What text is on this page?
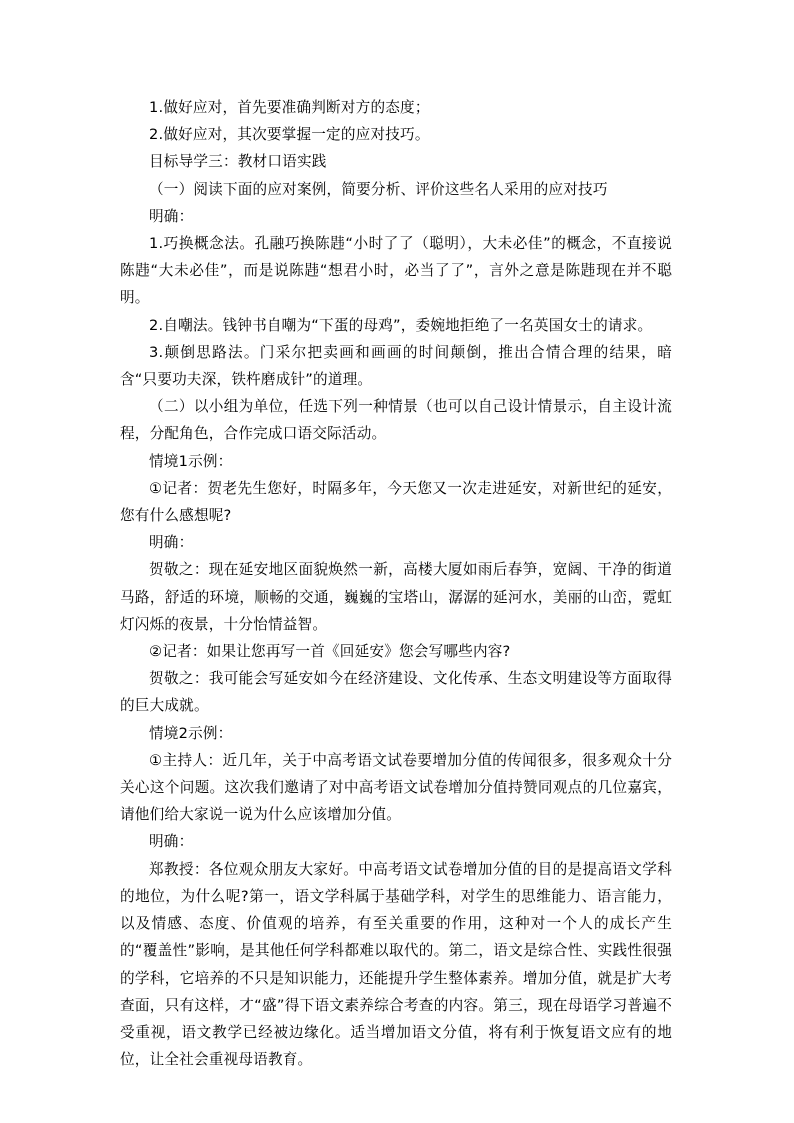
1.做好应对，首先要准确判断对方的态度；

2.做好应对，其次要掌握一定的应对技巧。

目标导学三：教材口语实践

（一）阅读下面的应对案例，简要分析、评价这些名人采用的应对技巧

明确：

1.巧换概念法。孔融巧换陈韪“小时了了（聪明），大未必佳”的概念，不直接说陈韪“大未必佳”，而是说陈韪“想君小时，必当了了”，言外之意是陈韪现在并不聪明。

2.自嘲法。钱钟书自嘲为“下蛋的母鸡”，委婉地拒绝了一名英国女士的请求。

3.颠倒思路法。门采尔把卖画和画画的时间颠倒，推出合情合理的结果，暗含“只要功夫深，铁杵磨成针”的道理。

（二）以小组为单位，任选下列一种情景（也可以自己设计情景示，自主设计流程，分配角色，合作完成口语交际活动。

情境1示例：

①记者：贺老先生您好，时隔多年，今天您又一次走进延安，对新世纪的延安，您有什么感想呢?

明确：

贺敬之：现在延安地区面貌焕然一新，高楼大厦如雨后春笋，宽阔、干净的街道马路，舒适的环境，顺畅的交通，巍巍的宝塔山，潺潺的延河水，美丽的山峦，霓虹灯闪烁的夜景，十分怡情益智。

②记者：如果让您再写一首《回延安》您会写哪些内容?

贺敬之：我可能会写延安如今在经济建设、文化传承、生态文明建设等方面取得的巨大成就。

情境2示例：

①主持人：近几年，关于中高考语文试卷要增加分值的传闻很多，很多观众十分关心这个问题。这次我们邀请了对中高考语文试卷增加分值持赞同观点的几位嘉宾，请他们给大家说一说为什么应该增加分值。

明确：

郑教授：各位观众朋友大家好。中高考语文试卷增加分值的目的是提高语文学科的地位，为什么呢?第一，语文学科属于基础学科，对学生的思维能力、语言能力，以及情感、态度、价值观的培养，有至关重要的作用，这种对一个人的成长产生的“覆盖性”影响，是其他任何学科都难以取代的。第二，语文是综合性、实践性很强的学科，它培养的不只是知识能力，还能提升学生整体素养。增加分值，就是扩大考查面，只有这样，才“盛”得下语文素养综合考查的内容。第三，现在母语学习普遍不受重视，语文教学已经被边缘化。适当增加语文分值，将有利于恢复语文应有的地位，让全社会重视母语教育。
